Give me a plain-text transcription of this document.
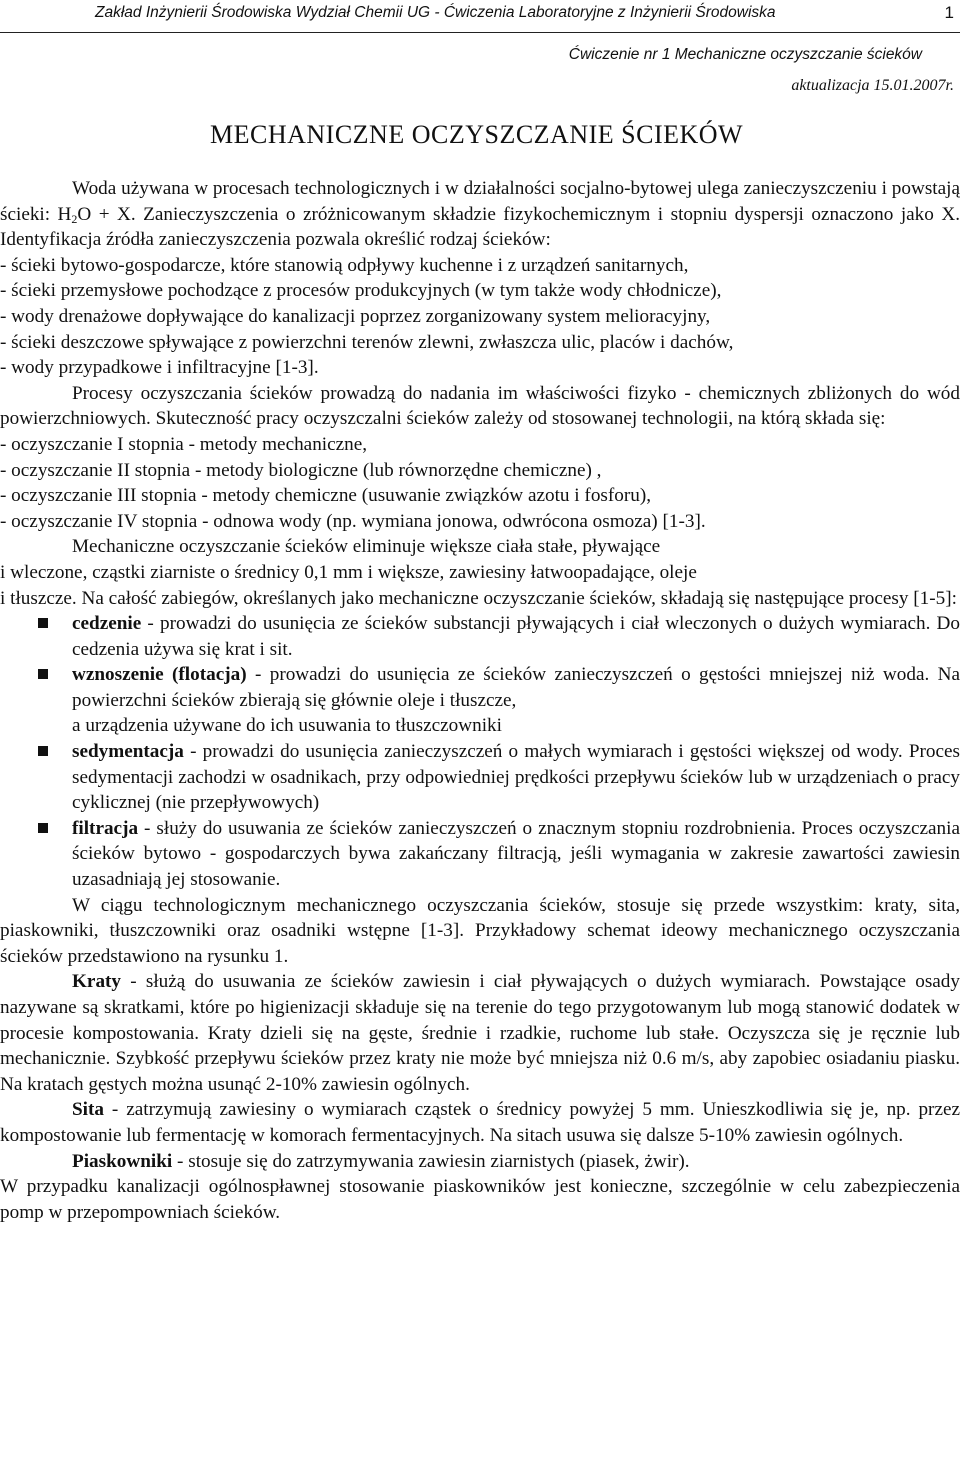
Zakład Inżynierii Środowiska Wydział Chemii UG - Ćwiczenia Laboratoryjne z Inżynierii Środowiska	1
Ćwiczenie nr 1 Mechaniczne oczyszczanie ścieków
aktualizacja 15.01.2007r.
MECHANICZNE OCZYSZCZANIE ŚCIEKÓW

Woda używana w procesach technologicznych i w działalności socjalno-bytowej ulega zanieczyszczeniu i powstają ścieki: $H_2O + X$. Zanieczyszczenia o zróżnicowanym składzie fizykochemicznym i stopniu dyspersji oznaczono jako X. Identyfikacja źródła zanieczyszczenia pozwala określić rodzaj ścieków:

- ścieki bytowo-gospodarcze, które stanowią odpływy kuchenne i z urządzeń sanitarnych,

- ścieki przemysłowe pochodzące z procesów produkcyjnych (w tym także wody chłodnicze),

- wody drenażowe dopływające do kanalizacji poprzez zorganizowany system melioracyjny,

- ścieki deszczowe spływające z powierzchni terenów zlewni, zwłaszcza ulic, placów i dachów,

- wody przypadkowe i infiltracyjne [1-3].

Procesy oczyszczania ścieków prowadzą do nadania im właściwości fizyko - chemicznych zbliżonych do wód powierzchniowych. Skuteczność pracy oczyszczalni ścieków zależy od stosowanej technologii, na którą składa się:

- oczyszczanie I stopnia - metody mechaniczne,

- oczyszczanie II stopnia - metody biologiczne (lub równorzędne chemiczne) ,

- oczyszczanie III stopnia - metody chemiczne (usuwanie związków azotu i fosforu),

- oczyszczanie IV stopnia - odnowa wody (np. wymiana jonowa, odwrócona osmoza) [1-3].

Mechaniczne oczyszczanie ścieków eliminuje większe ciała stałe, pływające

i wleczone, cząstki ziarniste o średnicy 0,1 mm i większe, zawiesiny łatwoopadające, oleje

i tłuszcze. Na całość zabiegów, określanych jako mechaniczne oczyszczanie ścieków, składają się następujące procesy [1-5]:

cedzenie - prowadzi do usunięcia ze ścieków substancji pływających i ciał wleczonych o dużych wymiarach. Do cedzenia używa się krat i sit.

wznoszenie (flotacja) - prowadzi do usunięcia ze ścieków zanieczyszczeń o gęstości mniejszej niż woda. Na powierzchni ścieków zbierają się głównie oleje i tłuszcze,

a urządzenia używane do ich usuwania to tłuszczowniki

sedymentacja - prowadzi do usunięcia zanieczyszczeń o małych wymiarach i gęstości większej od wody. Proces sedymentacji zachodzi w osadnikach, przy odpowiedniej prędkości przepływu ścieków lub w urządzeniach o pracy cyklicznej (nie przepływowych)

filtracja - służy do usuwania ze ścieków zanieczyszczeń o znacznym stopniu rozdrobnienia. Proces oczyszczania ścieków bytowo - gospodarczych bywa zakańczany filtracją, jeśli wymagania w zakresie zawartości zawiesin uzasadniają jej stosowanie.

W ciągu technologicznym mechanicznego oczyszczania ścieków, stosuje się przede wszystkim: kraty, sita, piaskowniki, tłuszczowniki oraz osadniki wstępne [1-3]. Przykładowy schemat ideowy mechanicznego oczyszczania ścieków przedstawiono na rysunku 1.

Kraty - służą do usuwania ze ścieków zawiesin i ciał pływających o dużych wymiarach. Powstające osady nazywane są skratkami, które po higienizacji składuje się na terenie do tego przygotowanym lub mogą stanowić dodatek w procesie kompostowania. Kraty dzieli się na gęste, średnie i rzadkie, ruchome lub stałe. Oczyszcza się je ręcznie lub mechanicznie. Szybkość przepływu ścieków przez kraty nie może być mniejsza niż 0.6 m/s, aby zapobiec osiadaniu piasku. Na kratach gęstych można usunąć 2-10% zawiesin ogólnych.

Sita - zatrzymują zawiesiny o wymiarach cząstek o średnicy powyżej 5 mm. Unieszkodliwia się je, np. przez kompostowanie lub fermentację w komorach fermentacyjnych. Na sitach usuwa się dalsze 5-10% zawiesin ogólnych.

Piaskowniki - stosuje się do zatrzymywania zawiesin ziarnistych (piasek, żwir).

W przypadku kanalizacji ogólnospławnej stosowanie piaskowników jest konieczne, szczególnie w celu zabezpieczenia pomp w przepompowniach ścieków.
